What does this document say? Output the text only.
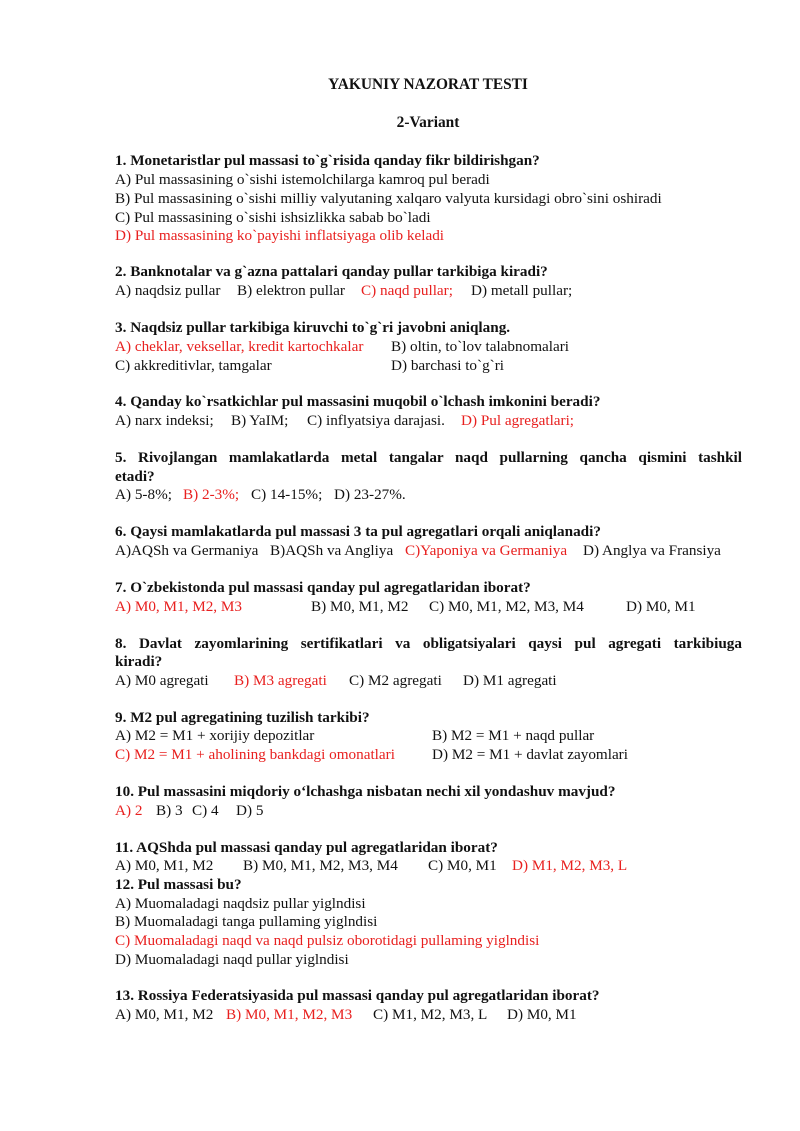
YAKUNIY NAZORAT TESTI
2-Variant
1. Monetaristlar pul massasi to`g`risida qanday fikr bildirishgan?
A) Pul massasining o`sishi istemolchilarga kamroq pul beradi
B) Pul massasining o`sishi milliy valyutaning xalqaro valyuta kursidagi obro`sini oshiradi
C) Pul massasining o`sishi ishsizlikka sabab bo`ladi
D) Pul massasining ko`payishi inflatsiyaga olib keladi
2. Banknotalar va g`azna pattalari qanday pullar tarkibiga kiradi?
A) naqdsiz pullar B) elektron pullar C) naqd pullar; D) metall pullar;
3. Naqdsiz pullar tarkibiga kiruvchi to`g`ri javobni aniqlang.
A) cheklar, veksellar, kredit kartochkalar B) oltin, to`lov talabnomalari
C) akkreditivlar, tamgalar	D) barchasi to`g`ri
4. Qanday ko`rsatkichlar pul massasini muqobil o`lchash imkonini beradi?
A) narx indeksi; B) YaIM; C) inflyatsiya darajasi. D) Pul agregatlari;
5. Rivojlangan mamlakatlarda metal tangalar naqd pullarning qancha qismini tashkil
etadi?
A) 5-8%; B) 2-3%; C) 14-15%; D) 23-27%.
6. Qaysi mamlakatlarda pul massasi 3 ta pul agregatlari orqali aniqlanadi?
A)AQSh va Germaniya B)AQSh va Angliya C)Yaponiya va Germaniya D) Anglya va Fransiya
7. O`zbekistonda pul massasi qanday pul agregatlaridan iborat?
A) M0, M1, M2, M3	B) M0, M1, M2 C) M0, M1, M2, M3, M4	D) M0, M1
8. Davlat zayomlarining sertifikatlari va obligatsiyalari qaysi pul agregati tarkibiuga
kiradi?
A) M0 agregati B) M3 agregati C) M2 agregati D) M1 agregati
9. M2 pul agregatining tuzilish tarkibi?
A) M2 = M1 + xorijiy depozitlar	B) M2 = M1 + naqd pullar
C) M2 = M1 + aholining bankdagi omonatlari D) M2 = M1 + davlat zayomlari
10. Pul massasini miqdoriy o‘lchashga nisbatan nechi xil yondashuv mavjud?
A) 2 B) 3 C) 4 D) 5
11. AQShda pul massasi qanday pul agregatlaridan iborat?
A) M0, M1, M2 B) M0, M1, M2, M3, M4 C) M0, M1 D) M1, M2, M3, L
12. Pul massasi bu?
A) Muomaladagi naqdsiz pullar yiglndisi
B) Muomaladagi tanga pullaming yiglndisi
C) Muomaladagi naqd va naqd pulsiz oborotidagi pullaming yiglndisi
D) Muomaladagi naqd pullar yiglndisi
13. Rossiya Federatsiyasida pul massasi qanday pul agregatlaridan iborat?
A) M0, M1, M2 B) M0, M1, M2, M3 C) M1, M2, M3, L D) M0, M1
